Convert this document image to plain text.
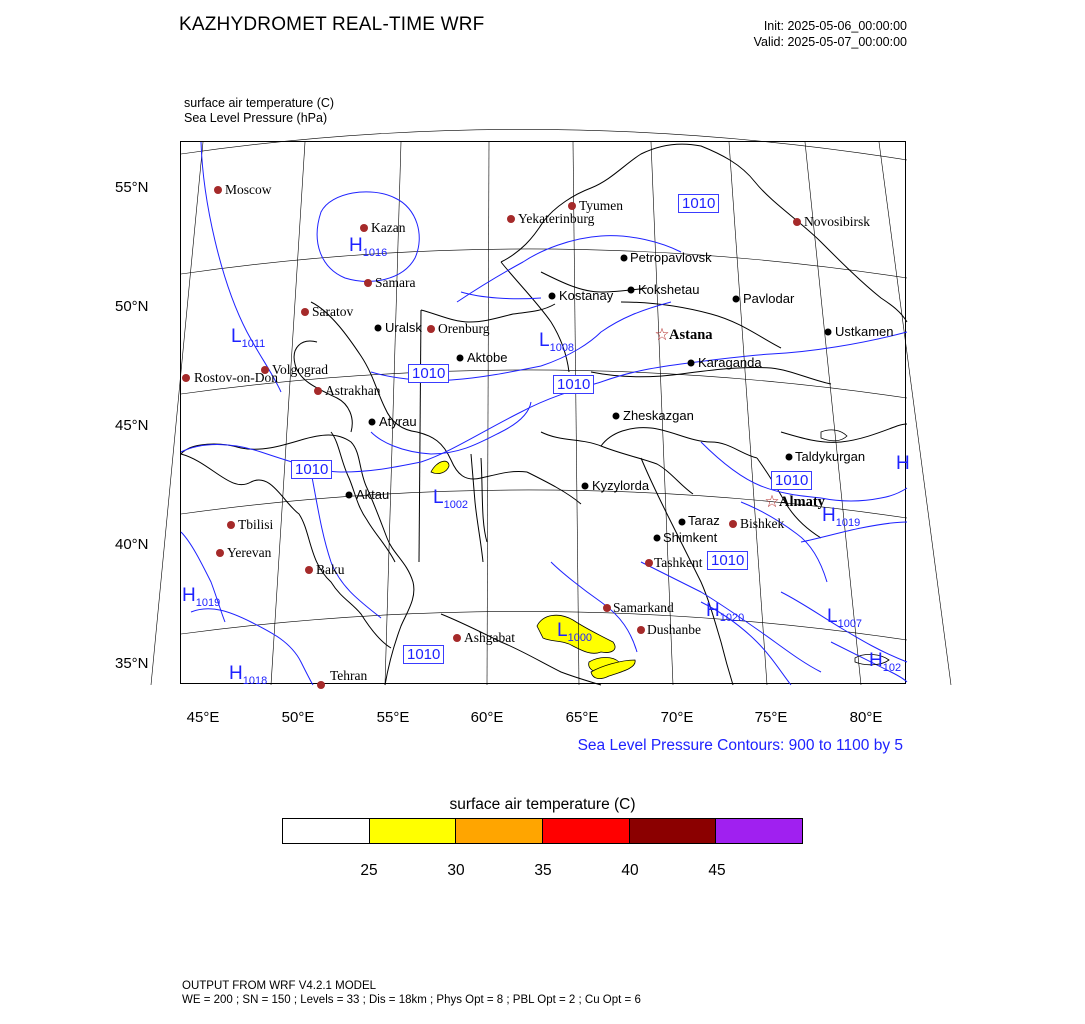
KAZHYDROMET REAL-TIME WRF	Init: 2025-05-06_00:00:00
Valid: 2025-05-07_00:00:00
surface air temperature (C)
Sea Level Pressure (hPa)
Moscow
Kazan
Tyumen
Yekaterinburg	Novosibirsk
Samara
Saratov
Orenburg
Volgograd
Rostov-on-Don
Astrakhan
Tbilisi
Yerevan
Baku
Ashgabat
Tehran
Samarkand
Dushanbe
Tashkent
Bishkek
Petropavlovsk
Kostanay Kokshetau
Pavlodar
Uralsk
Aktobe
Ustkamen
Karaganda
Atyrau	Zheskazgan
Taldykurgan
Kyzylorda
Aktau
Taraz
Shimkent
☆ Astana
☆ Almaty
$H_{1016}$
$L_{1011}$	$L_{1008}$
$L_{1002}$
$H_{1019}$
$H_{1019}$
$H_{1018}$
$L_{1000}$
$H_{1020}$	$L_{1007}$
$H_{102}$
H
1010
1010
1010
1010
1010
1010
1010
55°N
50°N
45°N
40°N
35°N
45°E	50°E	55°E	60°E	65°E	70°E	75°E	80°E
Sea Level Pressure Contours: 900 to 1100 by 5
surface air temperature (C)
25	30	35	40	45
OUTPUT FROM WRF V4.2.1 MODEL
WE = 200 ; SN = 150 ; Levels = 33 ; Dis = 18km ; Phys Opt = 8 ; PBL Opt = 2 ; Cu Opt = 6
